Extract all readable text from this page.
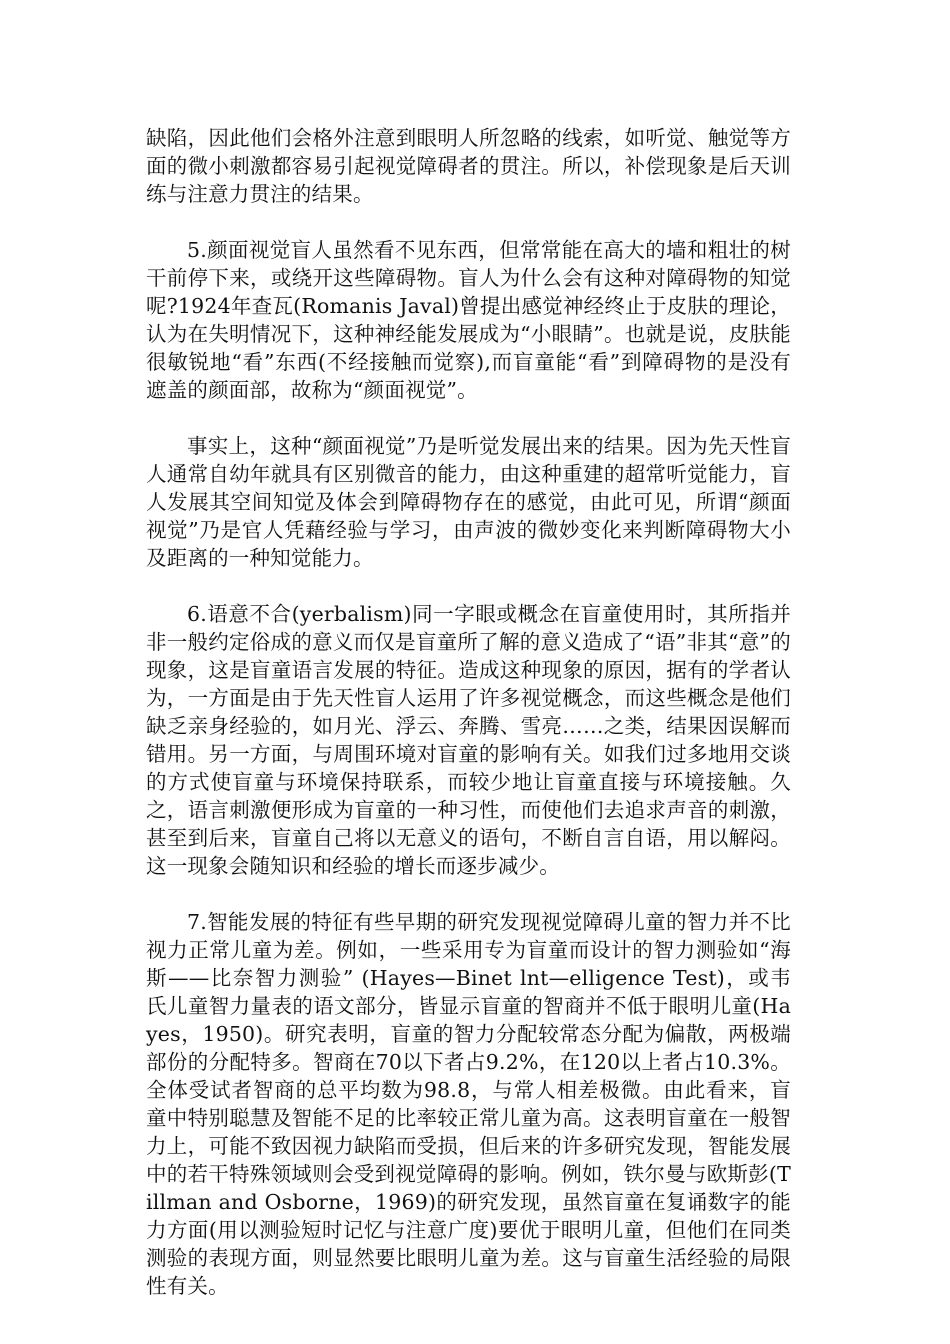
缺陷，因此他们会格外注意到眼明人所忽略的线索，如听觉、触觉等方面的微小刺激都容易引起视觉障碍者的贯注。所以，补偿现象是后天训练与注意力贯注的结果。

5.颜面视觉盲人虽然看不见东西，但常常能在高大的墙和粗壮的树干前停下来，或绕开这些障碍物。盲人为什么会有这种对障碍物的知觉呢?1924年查瓦(Romanis Javal)曾提出感觉神经终止于皮肤的理论，认为在失明情况下，这种神经能发展成为“小眼睛”。也就是说，皮肤能很敏锐地“看”东西(不经接触而觉察),而盲童能“看”到障碍物的是没有遮盖的颜面部，故称为“颜面视觉”。

事实上，这种“颜面视觉”乃是听觉发展出来的结果。因为先天性盲人通常自幼年就具有区别微音的能力，由这种重建的超常听觉能力，盲人发展其空间知觉及体会到障碍物存在的感觉，由此可见，所谓“颜面视觉”乃是官人凭藉经验与学习，由声波的微妙变化来判断障碍物大小及距离的一种知觉能力。

6.语意不合(yerbalism)同一字眼或概念在盲童使用时，其所指并非一般约定俗成的意义而仅是盲童所了解的意义造成了“语”非其“意”的现象，这是盲童语言发展的特征。造成这种现象的原因，据有的学者认为，一方面是由于先天性盲人运用了许多视觉概念，而这些概念是他们缺乏亲身经验的，如月光、浮云、奔腾、雪亮……之类，结果因误解而错用。另一方面，与周围环境对盲童的影响有关。如我们过多地用交谈的方式使盲童与环境保持联系，而较少地让盲童直接与环境接触。久之，语言刺激便形成为盲童的一种习性，而使他们去追求声音的刺激，甚至到后来，盲童自己将以无意义的语句，不断自言自语，用以解闷。这一现象会随知识和经验的增长而逐步减少。

7.智能发展的特征有些早期的研究发现视觉障碍儿童的智力并不比视力正常儿童为差。例如，一些采用专为盲童而设计的智力测验如“海斯——比奈智力测验” (Hayes—Binet lnt—elligence Test)，或韦氏儿童智力量表的语文部分，皆显示盲童的智商并不低于眼明儿童(Hayes，1950)。研究表明，盲童的智力分配较常态分配为偏散，两极端部份的分配特多。智商在70以下者占9.2%，在120以上者占10.3%。全体受试者智商的总平均数为98.8，与常人相差极微。由此看来，盲童中特别聪慧及智能不足的比率较正常儿童为高。这表明盲童在一般智力上，可能不致因视力缺陷而受损，但后来的许多研究发现，智能发展中的若干特殊领域则会受到视觉障碍的影响。例如，铁尔曼与欧斯彭(Tillman and Osborne，1969)的研究发现，虽然盲童在复诵数字的能力方面(用以测验短时记忆与注意广度)要优于眼明儿童，但他们在同类测验的表现方面，则显然要比眼明儿童为差。这与盲童生活经验的局限性有关。
